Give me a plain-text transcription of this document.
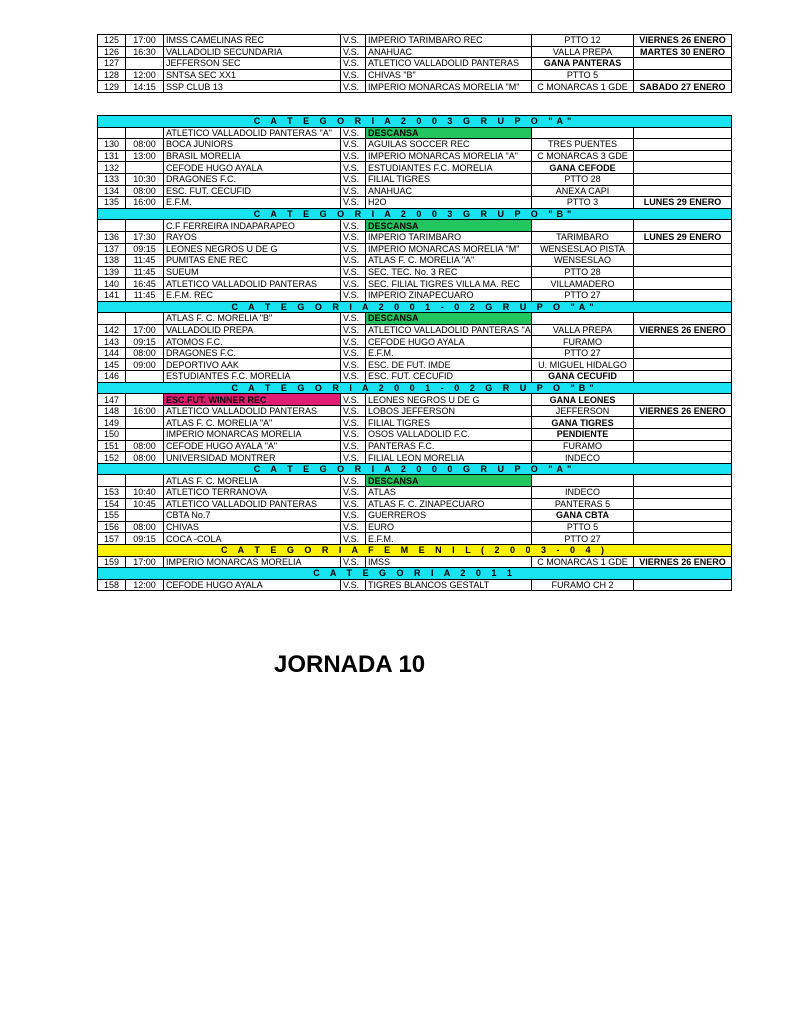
125	17:00	IMSS CAMELINAS REC	V.S.	IMPERIO TARIMBARO REC	PTTO 12	VIERNES 26 ENERO
126	16:30	VALLADOLID SECUNDARIA	V.S.	ANAHUAC	VALLA PREPA	MARTES 30 ENERO
127		JEFFERSON SEC	V.S.	ATLETICO VALLADOLID PANTERAS	GANA PANTERAS	
128	12:00	SNTSA SEC XX1	V.S.	CHIVAS "B"	PTTO 5	
129	14:15	SSP CLUB 13	V.S.	IMPERIO MONARCAS MORELIA "M"	C MONARCAS 1 GDE	SABADO 27 ENERO
C A T E G O R I A 2 0 0 3 G R U P O "A"						
		ATLETICO VALLADOLID PANTERAS "A"	V.S.	DESCANSA		
130	08:00	BOCA JUNIORS	V.S.	AGUILAS SOCCER REC	TRES PUENTES	
131	13:00	BRASIL MORELIA	V.S.	IMPERIO MONARCAS MORELIA "A"	C MONARCAS 3 GDE	
132		CEFODE HUGO AYALA	V.S.	ESTUDIANTES F.C. MORELIA	GANA CEFODE	
133	10:30	DRAGONES F.C.	V.S.	FILIAL TIGRES	PTTO 28	
134	08:00	ESC. FUT. CECUFID	V.S.	ANAHUAC	ANEXA CAPI	
135	16:00	E.F.M.	V.S.	H2O	PTTO 3	LUNES 29 ENERO
C A T E G O R I A 2 0 0 3 G R U P O "B"						
		C.F FERREIRA INDAPARAPEO	V.S.	DESCANSA		
136	17:30	RAYOS	V.S.	IMPERIO TARIMBARO	TARIMBARO	LUNES 29 ENERO
137	09:15	LEONES NEGROS U DE G	V.S.	IMPERIO MONARCAS MORELIA "M"	WENSESLAO PISTA	
138	11:45	PUMITAS ENE REC	V.S.	ATLAS F. C. MORELIA "A"	WENSESLAO	
139	11:45	SUEUM	V.S.	SEC. TEC. No. 3 REC	PTTO 28	
140	16:45	ATLETICO VALLADOLID PANTERAS	V.S.	SEC. FILIAL TIGRES VILLA MA. REC	VILLAMADERO	
141	11:45	E.F.M. REC	V.S.	IMPERIO ZINAPECUARO	PTTO 27	
C A T E G O R I A 2 0 0 1 - 0 2 G R U P O "A"						
		ATLAS F. C. MORELIA "B"	V.S.	DESCANSA		
142	17:00	VALLADOLID PREPA	V.S.	ATLETICO VALLADOLID PANTERAS "A	VALLA PREPA	VIERNES 26 ENERO
143	09:15	ATOMOS F.C.	V.S.	CEFODE HUGO AYALA	FURAMO	
144	08:00	DRAGONES F.C.	V.S.	E.F.M.	PTTO 27	
145	09:00	DEPORTIVO AAK	V.S.	ESC. DE FUT. IMDE	U. MIGUEL HIDALGO	
146		ESTUDIANTES F.C. MORELIA	V.S.	ESC. FUT. CECUFID	GANA CECUFID	
C A T E G O R I A 2 0 0 1 - 0 2 G R U P O "B"						
147		ESC.FUT. WINNER REC	V.S.	LEONES NEGROS U DE G	GANA LEONES	
148	16:00	ATLETICO VALLADOLID PANTERAS	V.S.	LOBOS JEFFERSON	JEFFERSON	VIERNES 26 ENERO
149		ATLAS F. C. MORELIA "A"	V.S.	FILIAL TIGRES	GANA TIGRES	
150		IMPERIO MONARCAS MORELIA	V.S.	OSOS VALLADOLID F.C.	PENDIENTE	
151	08:00	CEFODE HUGO AYALA "A"	V.S.	PANTERAS F.C.	FURAMO	
152	08:00	UNIVERSIDAD MONTRER	V.S.	FILIAL LEON MORELIA	INDECO	
C A T E G O R I A 2 0 0 0 G R U P O "A"						
		ATLAS F. C. MORELIA	V.S.	DESCANSA		
153	10:40	ATLETICO TERRANOVA	V.S.	ATLAS	INDECO	
154	10:45	ATLETICO VALLADOLID PANTERAS	V.S.	ATLAS F. C. ZINAPECUARO	PANTERAS 5	
155		CBTA No.7	V.S.	GUERREROS	GANA CBTA	
156	08:00	CHIVAS	V.S.	EURO	PTTO 5	
157	09:15	COCA -COLA	V.S.	E.F.M.	PTTO 27	
C A T E G O R I A F E M E N I L ( 2 0 0 3 - 0 4 )						
159	17:00	IMPERIO MONARCAS MORELIA	V.S.	IMSS	C MONARCAS 1 GDE	VIERNES 26 ENERO
C A T E G O R I A 2 0 1 1						
158	12:00	CEFODE HUGO AYALA	V.S.	TIGRES BLANCOS GESTALT	FURAMO CH 2	
JORNADA 10
